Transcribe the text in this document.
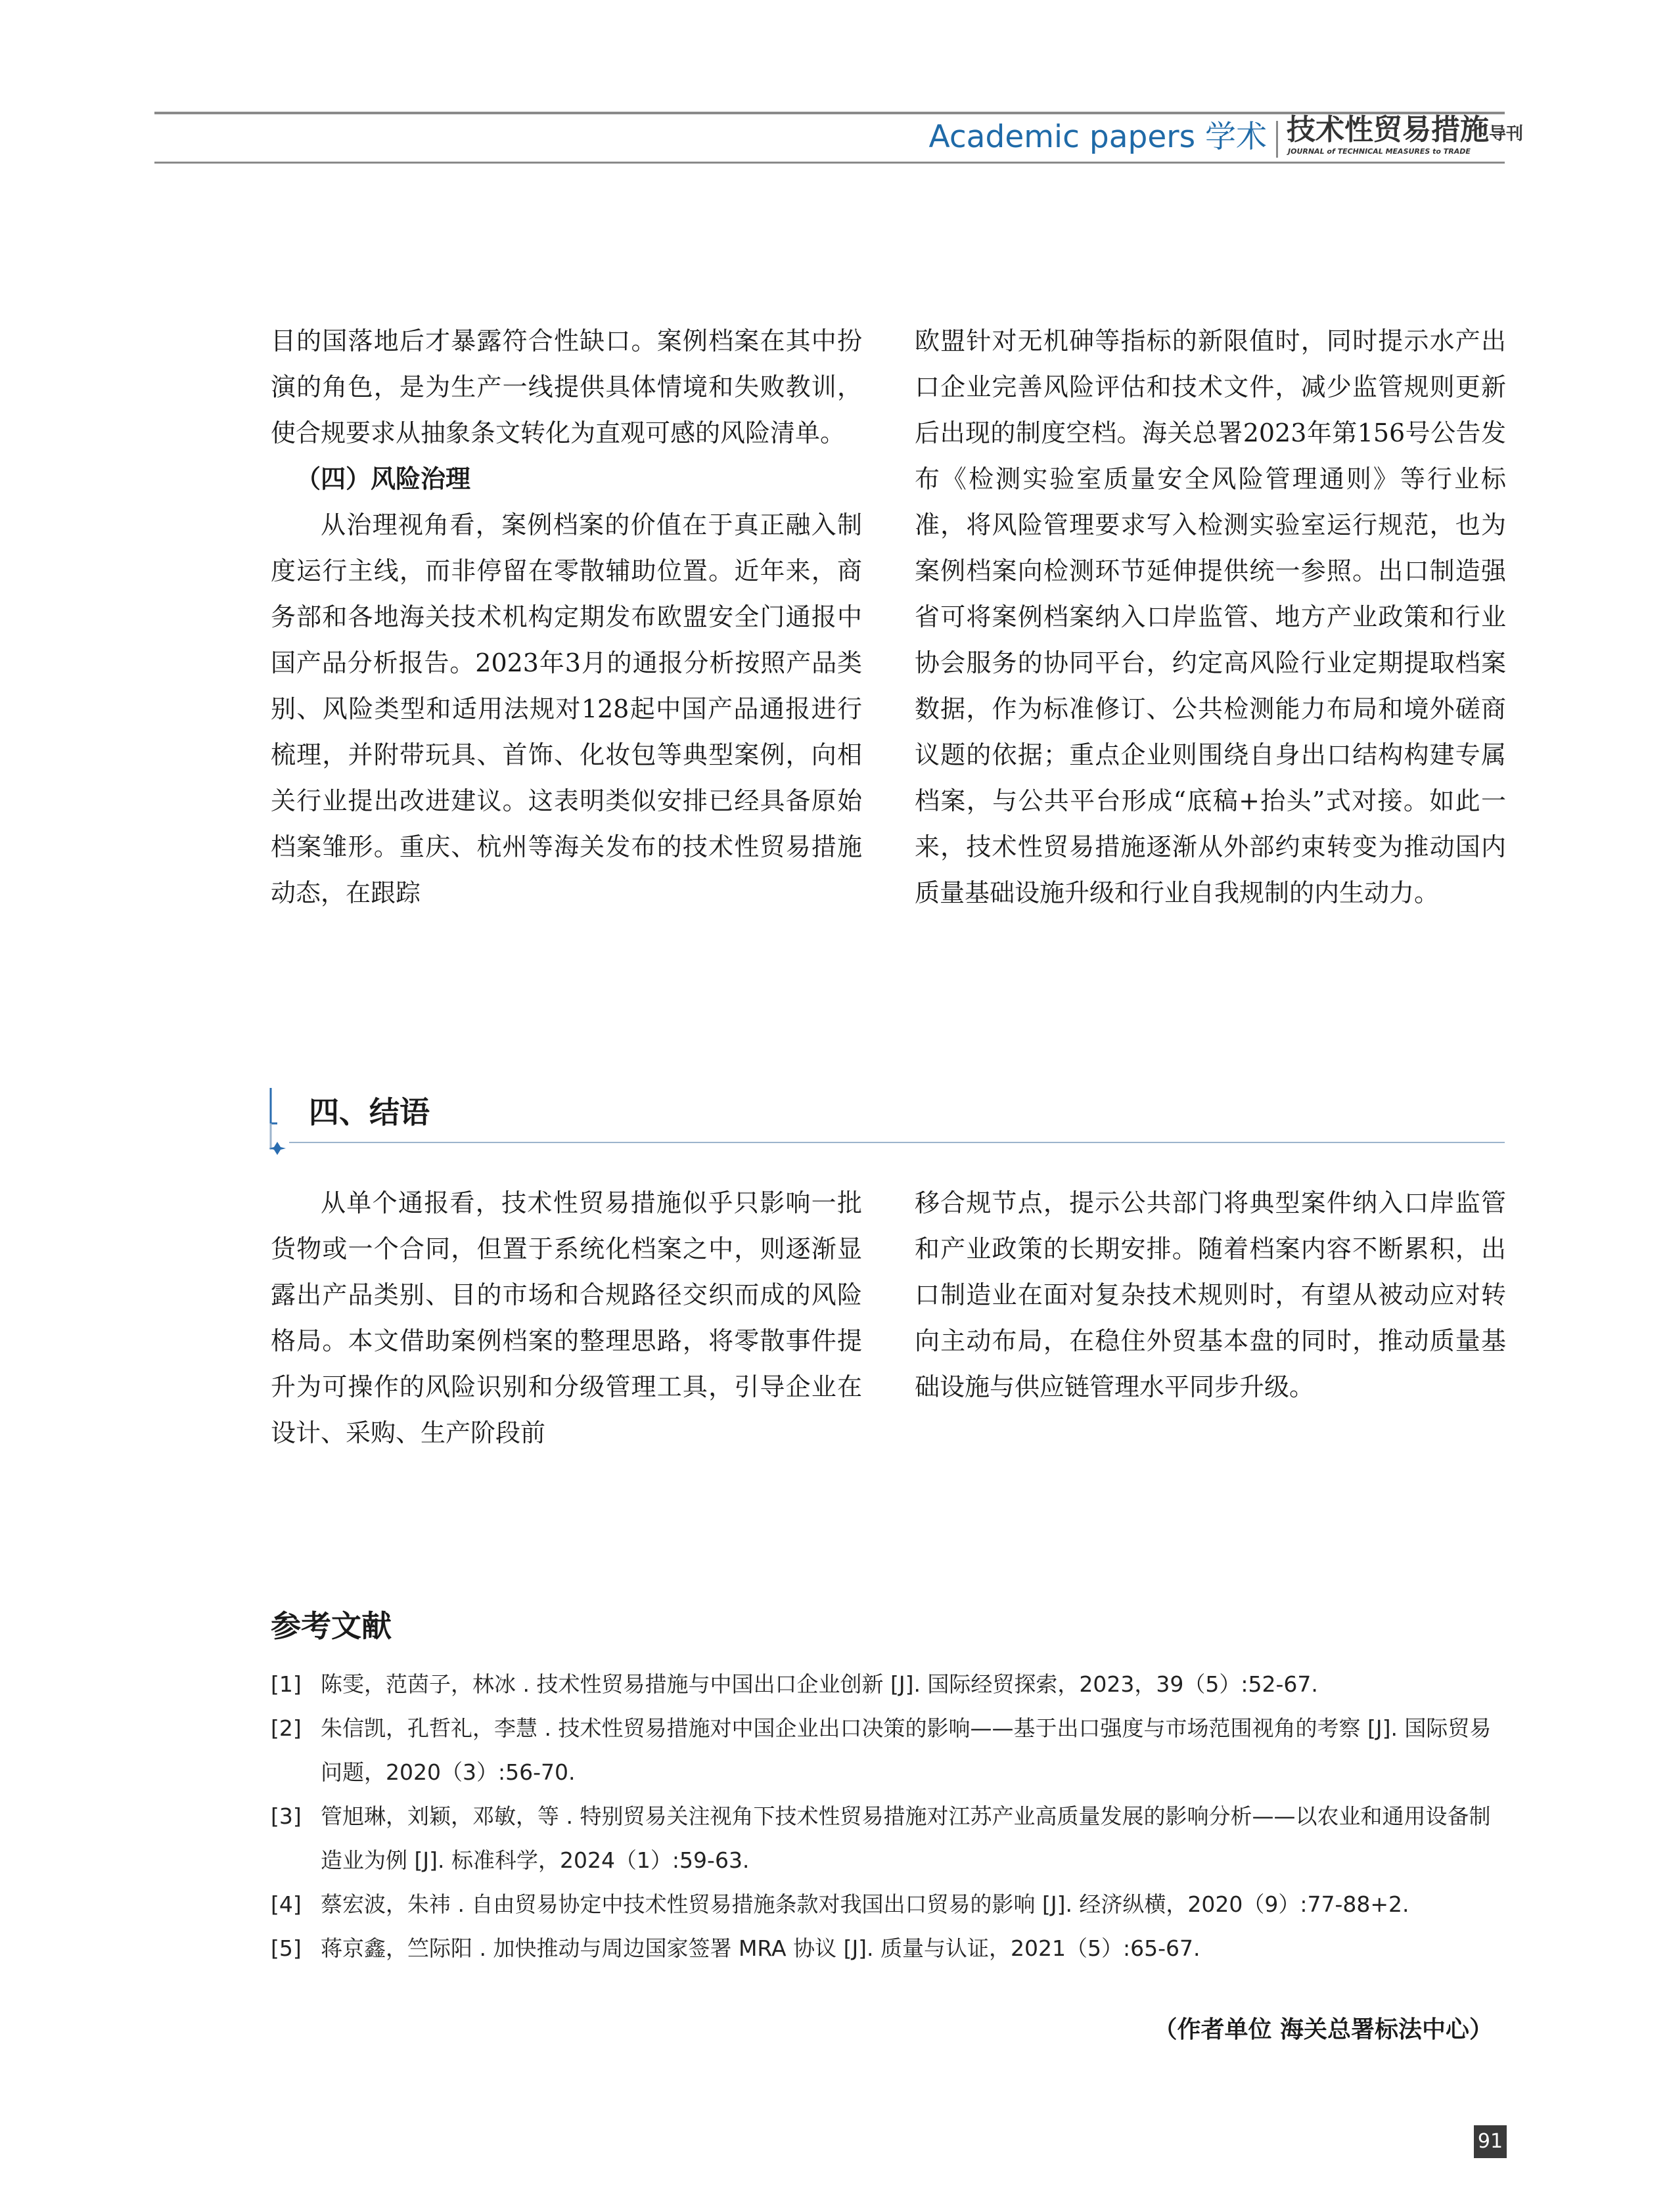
Academic papers 学术 技术性贸易措施导刊
JOURNAL of TECHNICAL MEASURES to TRADE

目的国落地后才暴露符合性缺口。案例档案在其中扮演的角色，是为生产一线提供具体情境和失败教训，使合规要求从抽象条文转化为直观可感的风险清单。

（四）风险治理

从治理视角看，案例档案的价值在于真正融入制度运行主线，而非停留在零散辅助位置。近年来，商务部和各地海关技术机构定期发布欧盟安全门通报中国产品分析报告。2023年3月的通报分析按照产品类别、风险类型和适用法规对128起中国产品通报进行梳理，并附带玩具、首饰、化妆包等典型案例，向相关行业提出改进建议。这表明类似安排已经具备原始档案雏形。重庆、杭州等海关发布的技术性贸易措施动态，在跟踪

欧盟针对无机砷等指标的新限值时，同时提示水产出口企业完善风险评估和技术文件，减少监管规则更新后出现的制度空档。海关总署2023年第156号公告发布《检测实验室质量安全风险管理通则》等行业标准，将风险管理要求写入检测实验室运行规范，也为案例档案向检测环节延伸提供统一参照。出口制造强省可将案例档案纳入口岸监管、地方产业政策和行业协会服务的协同平台，约定高风险行业定期提取档案数据，作为标准修订、公共检测能力布局和境外磋商议题的依据；重点企业则围绕自身出口结构构建专属档案，与公共平台形成“底稿+抬头”式对接。如此一来，技术性贸易措施逐渐从外部约束转变为推动国内质量基础设施升级和行业自我规制的内生动力。

四、结语

从单个通报看，技术性贸易措施似乎只影响一批货物或一个合同，但置于系统化档案之中，则逐渐显露出产品类别、目的市场和合规路径交织而成的风险格局。本文借助案例档案的整理思路，将零散事件提升为可操作的风险识别和分级管理工具，引导企业在设计、采购、生产阶段前

移合规节点，提示公共部门将典型案件纳入口岸监管和产业政策的长期安排。随着档案内容不断累积，出口制造业在面对复杂技术规则时，有望从被动应对转向主动布局，在稳住外贸基本盘的同时，推动质量基础设施与供应链管理水平同步升级。

参考文献
[1] 陈雯，范茵子，林冰 . 技术性贸易措施与中国出口企业创新 [J]. 国际经贸探索，2023，39（5）:52-67.
[2] 朱信凯，孔哲礼，李慧 . 技术性贸易措施对中国企业出口决策的影响——基于出口强度与市场范围视角的考察 [J]. 国际贸易问题，2020（3）:56-70.
[3] 管旭琳，刘颖，邓敏，等 . 特别贸易关注视角下技术性贸易措施对江苏产业高质量发展的影响分析——以农业和通用设备制造业为例 [J]. 标准科学，2024（1）:59-63.
[4] 蔡宏波，朱祎 . 自由贸易协定中技术性贸易措施条款对我国出口贸易的影响 [J]. 经济纵横，2020（9）:77-88+2.
[5] 蒋京鑫，竺际阳 . 加快推动与周边国家签署 MRA 协议 [J]. 质量与认证，2021（5）:65-67.
（作者单位 海关总署标法中心）
91
